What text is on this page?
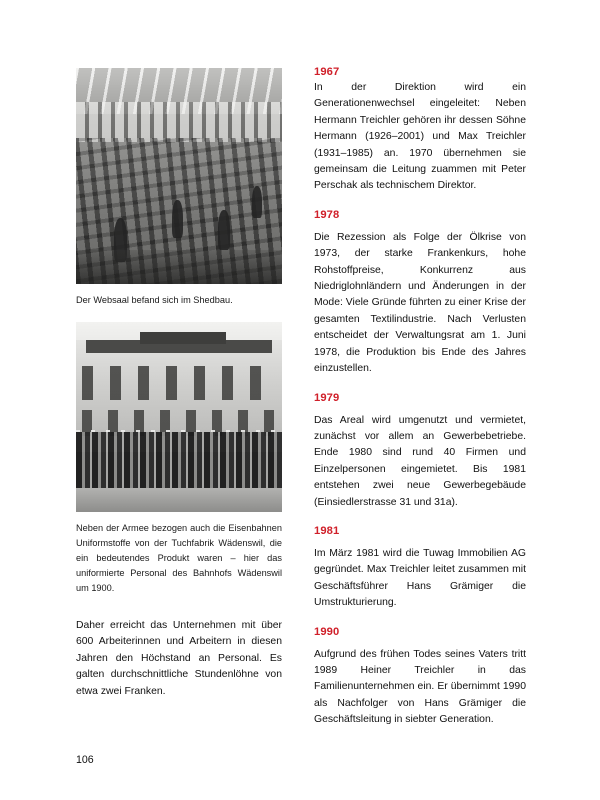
Der Websaal befand sich im Shedbau.
Neben der Armee bezogen auch die Eisenbahnen Uniformstoffe von der Tuchfabrik Wädenswil, die ein bedeutendes Produkt waren – hier das uniformierte Personal des Bahnhofs Wädenswil um 1900.
Daher erreicht das Unternehmen mit über 600 Arbeiterinnen und Arbeitern in diesen Jahren den Höchstand an Personal. Es galten durchschnittliche Stundenlöhne von etwa zwei Franken.
1967
In der Direktion wird ein Generationenwechsel eingeleitet: Neben Hermann Treichler gehören ihr dessen Söhne Hermann (1926–2001) und Max Treichler (1931–1985) an. 1970 übernehmen sie gemeinsam die Leitung zuammen mit Peter Perschak als technischem Direktor.
1978
Die Rezession als Folge der Ölkrise von 1973, der starke Frankenkurs, hohe Rohstoffpreise, Konkurrenz aus Niedriglohnländern und Änderungen in der Mode: Viele Gründe führten zu einer Krise der gesamten Textilindustrie. Nach Verlusten entscheidet der Verwaltungsrat am 1. Juni 1978, die Produktion bis Ende des Jahres einzustellen.
1979
Das Areal wird umgenutzt und vermietet, zunächst vor allem an Gewerbebetriebe. Ende 1980 sind rund 40 Firmen und Einzelpersonen eingemietet. Bis 1981 entstehen zwei neue Gewerbegebäude (Einsiedlerstrasse 31 und 31a).
1981
Im März 1981 wird die Tuwag Immobilien AG gegründet. Max Treichler leitet zusammen mit Geschäftsführer Hans Grämiger die Umstrukturierung.
1990
Aufgrund des frühen Todes seines Vaters tritt 1989 Heiner Treichler in das Familienunternehmen ein. Er übernimmt 1990 als Nachfolger von Hans Grämiger die Geschäftsleitung in siebter Generation.
106
